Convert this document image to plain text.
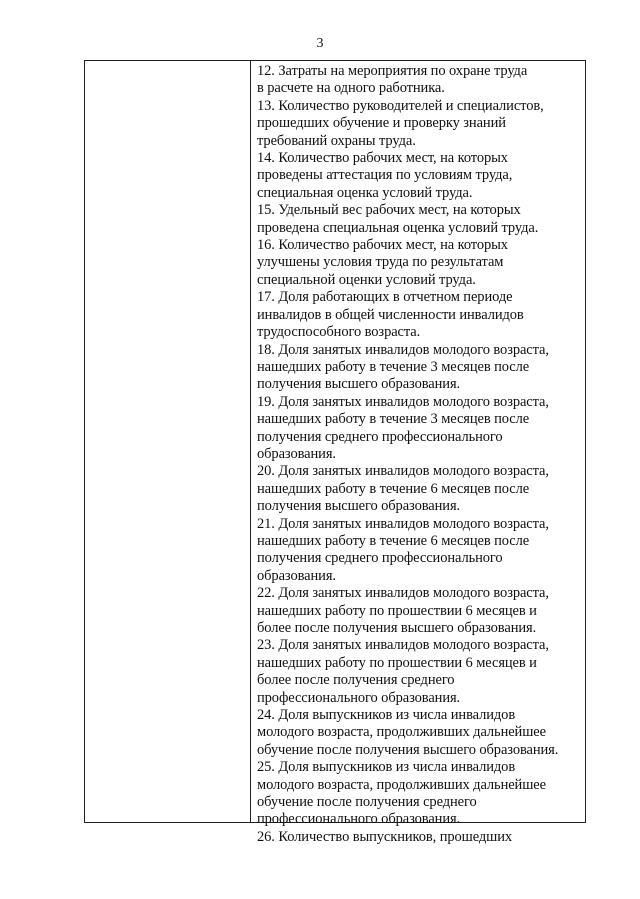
3
12. Затраты на мероприятия по охране труда
в расчете на одного работника.
13. Количество руководителей и специалистов,
прошедших обучение и проверку знаний
требований охраны труда.
14. Количество рабочих мест, на которых
проведены аттестация по условиям труда,
специальная оценка условий труда.
15. Удельный вес рабочих мест, на которых
проведена специальная оценка условий труда.
16. Количество рабочих мест, на которых
улучшены условия труда по результатам
специальной оценки условий труда.
17. Доля работающих в отчетном периоде
инвалидов в общей численности инвалидов
трудоспособного возраста.
18. Доля занятых инвалидов молодого возраста,
нашедших работу в течение 3 месяцев после
получения высшего образования.
19. Доля занятых инвалидов молодого возраста,
нашедших работу в течение 3 месяцев после
получения среднего профессионального
образования.
20. Доля занятых инвалидов молодого возраста,
нашедших работу в течение 6 месяцев после
получения высшего образования.
21. Доля занятых инвалидов молодого возраста,
нашедших работу в течение 6 месяцев после
получения среднего профессионального
образования.
22. Доля занятых инвалидов молодого возраста,
нашедших работу по прошествии 6 месяцев и
более после получения высшего образования.
23. Доля занятых инвалидов молодого возраста,
нашедших работу по прошествии 6 месяцев и
более после получения среднего
профессионального образования.
24. Доля выпускников из числа инвалидов
молодого возраста, продолживших дальнейшее
обучение после получения высшего образования.
25. Доля выпускников из числа инвалидов
молодого возраста, продолживших дальнейшее
обучение после получения среднего
профессионального образования.
26. Количество выпускников, прошедших
